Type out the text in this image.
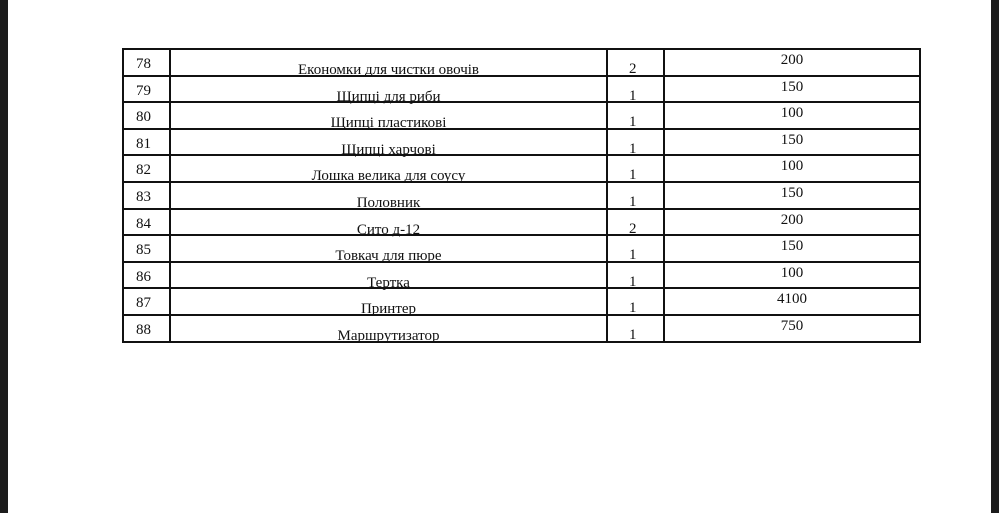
78	Економки для чистки овочів	2	200

79	Щипці для риби	1	150

80	Щипці пластикові	1	100

81	Щипці харчові	1	150

82	Лошка велика для соусу	1	100

83	Половник	1	150

84	Сито д-12	2	200

85	Товкач для пюре	1	150

86	Тертка	1	100

87	Принтер	1	4100

88	Маршрутизатор	1	750
